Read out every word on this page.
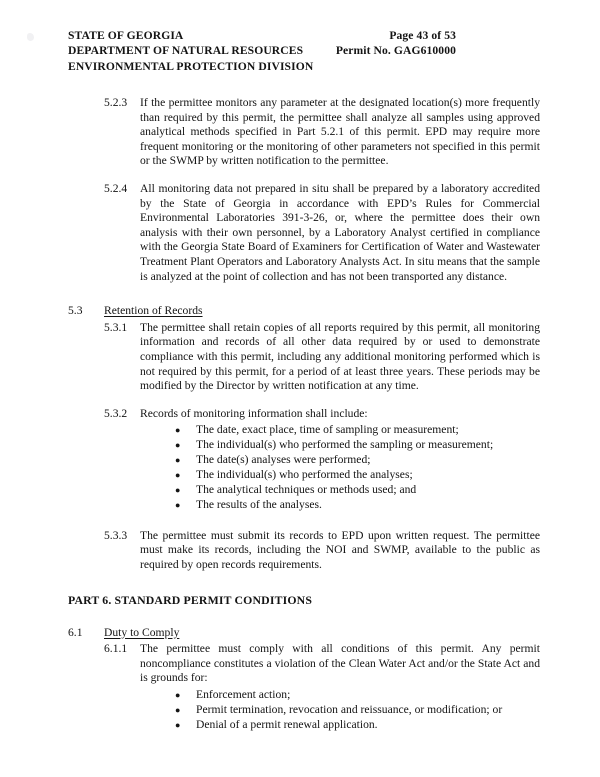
STATE OF GEORGIA
DEPARTMENT OF NATURAL RESOURCES
ENVIRONMENTAL PROTECTION DIVISION
Page 43 of 53
Permit No. GAG610000
5.2.3	If the permittee monitors any parameter at the designated location(s) more frequently than required by this permit, the permittee shall analyze all samples using approved analytical methods specified in Part 5.2.1 of this permit. EPD may require more frequent monitoring or the monitoring of other parameters not specified in this permit or the SWMP by written notification to the permittee.
5.2.4	All monitoring data not prepared in situ shall be prepared by a laboratory accredited by the State of Georgia in accordance with EPD’s Rules for Commercial Environmental Laboratories 391-3-26, or, where the permittee does their own analysis with their own personnel, by a Laboratory Analyst certified in compliance with the Georgia State Board of Examiners for Certification of Water and Wastewater Treatment Plant Operators and Laboratory Analysts Act. In situ means that the sample is analyzed at the point of collection and has not been transported any distance.
5.3 Retention of Records
5.3.1	The permittee shall retain copies of all reports required by this permit, all monitoring information and records of all other data required by or used to demonstrate compliance with this permit, including any additional monitoring performed which is not required by this permit, for a period of at least three years. These periods may be modified by the Director by written notification at any time.
5.3.2	Records of monitoring information shall include:
● The date, exact place, time of sampling or measurement;
● The individual(s) who performed the sampling or measurement;
● The date(s) analyses were performed;
● The individual(s) who performed the analyses;
● The analytical techniques or methods used; and
● The results of the analyses.
5.3.3	The permittee must submit its records to EPD upon written request. The permittee must make its records, including the NOI and SWMP, available to the public as required by open records requirements.
PART 6. STANDARD PERMIT CONDITIONS
6.1 Duty to Comply
6.1.1	The permittee must comply with all conditions of this permit. Any permit noncompliance constitutes a violation of the Clean Water Act and/or the State Act and is grounds for:
● Enforcement action;
● Permit termination, revocation and reissuance, or modification; or
● Denial of a permit renewal application.
